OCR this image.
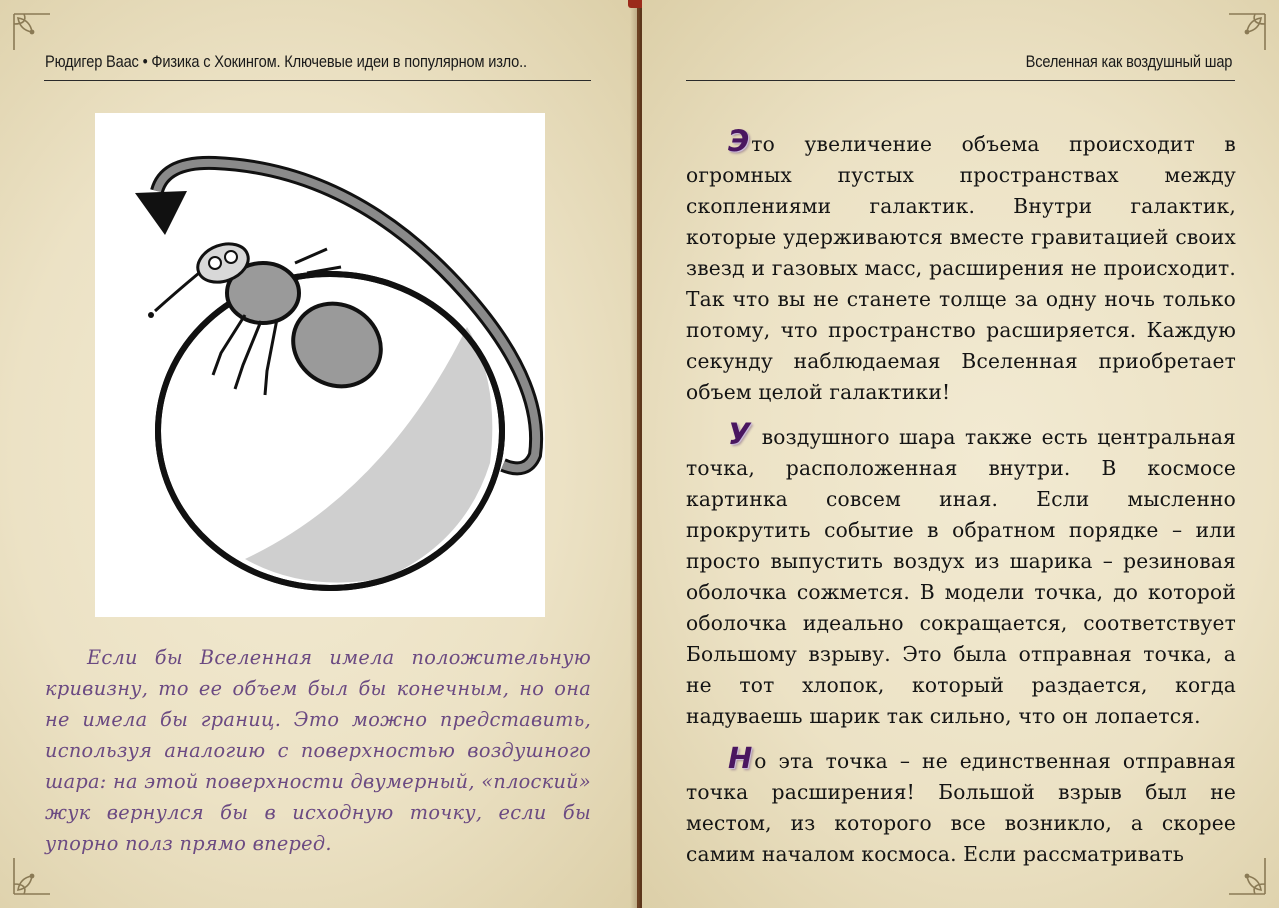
Рюдигер Ваас • Физика с Хокингом. Ключевые идеи в популярном изло..
Если бы Вселенная имела положительную кривизну, то ее объем был бы конечным, но она не имела бы границ. Это можно представить, используя аналогию с поверхностью воздушного шара: на этой поверхности двумерный, «плоский» жук вернулся бы в исходную точку, если бы упорно полз прямо вперед.
Вселенная как воздушный шар

Это увеличение объема происходит в огромных пустых пространствах между скоплениями галактик. Внутри галактик, которые удерживаются вместе гравитацией своих звезд и газовых масс, расширения не происходит. Так что вы не станете толще за одну ночь только потому, что пространство расширяется. Каждую секунду наблюдаемая Вселенная приобретает объем целой галактики!

У воздушного шара также есть центральная точка, расположенная внутри. В космосе картинка совсем иная. Если мысленно прокрутить событие в обратном порядке – или просто выпустить воздух из шарика – резиновая оболочка сожмется. В модели точка, до которой оболочка идеально сокращается, соответствует Большому взрыву. Это была отправная точка, а не тот хлопок, который раздается, когда надуваешь шарик так сильно, что он лопается.

Но эта точка – не единственная отправная точка расширения! Большой взрыв был не местом, из которого все возникло, а скорее самим началом космоса. Если рассматривать
